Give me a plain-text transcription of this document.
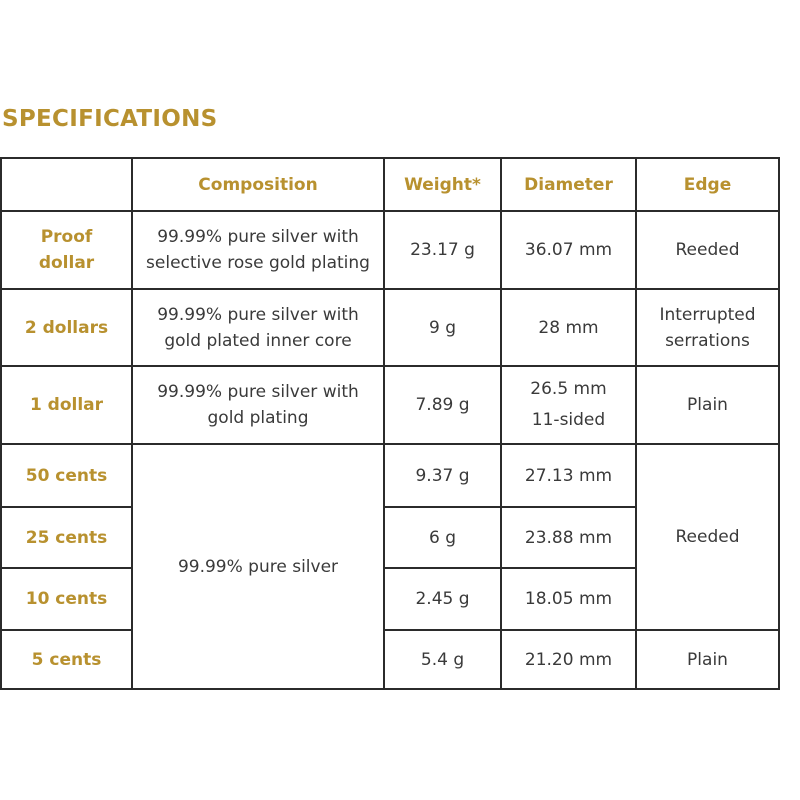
SPECIFICATIONS
	Composition	Weight*	Diameter	Edge

Proof
dollar	99.99% pure silver with
selective rose gold plating	23.17 g	36.07 mm	Reeded

2 dollars	99.99% pure silver with
gold plated inner core	9 g	28 mm	Interrupted
serrations

1 dollar	99.99% pure silver with
gold plating	7.89 g	26.5 mm
11-sided	Plain

50 cents	99.99% pure silver	9.37 g	27.13 mm	Reeded

25 cents		6 g	23.88 mm	

10 cents		2.45 g	18.05 mm	

5 cents		5.4 g	21.20 mm	Plain
